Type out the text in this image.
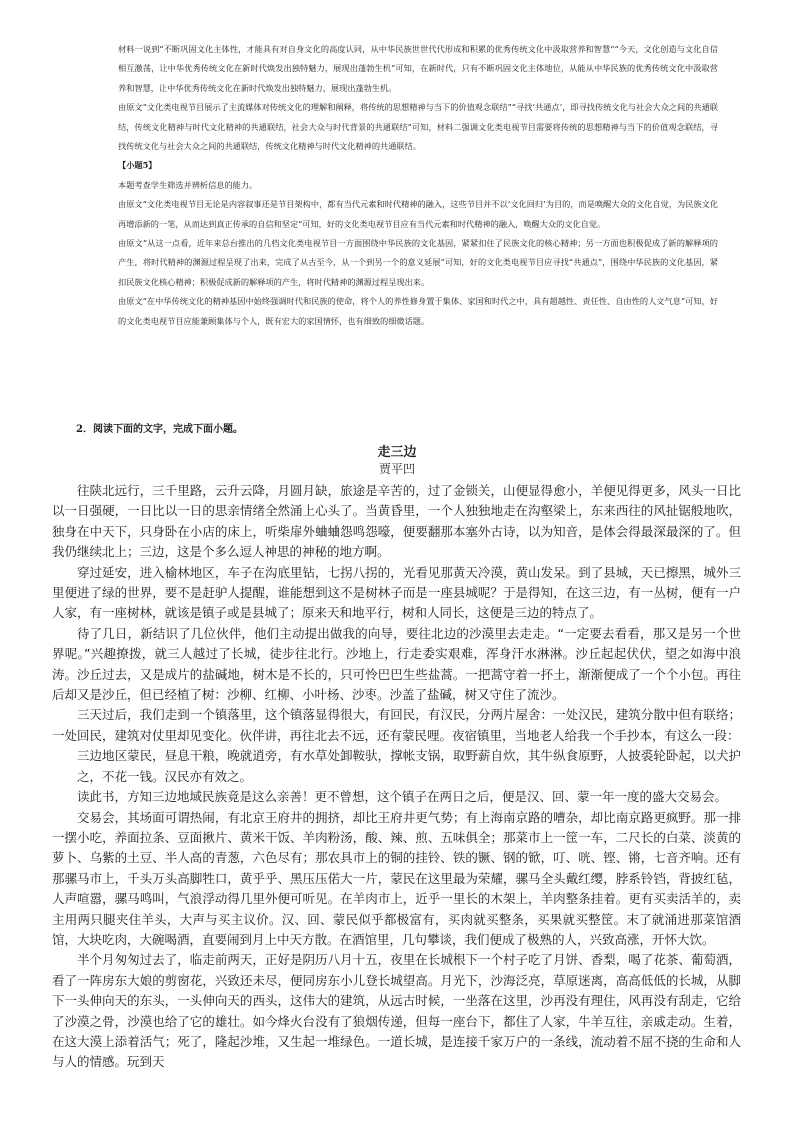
材料一说到“不断巩固文化主体性，才能具有对自身文化的高度认同，从中华民族世世代代形成和积累的优秀传统文化中汲取营养和智慧”“今天，文化创造与文化自信相互激荡，让中华优秀传统文化在新时代焕发出独特魅力，展现出蓬勃生机”可知，在新时代，只有不断巩固文化主体地位，从能从中华民族的优秀传统文化中汲取营养和智慧，让中华优秀传统文化在新时代焕发出独特魅力，展现出蓬勃生机。

由原文“文化类电视节目展示了主流媒体对传统文化的理解和阐释，将传统的思想精神与当下的价值观念联结”“寻找‘共通点’，即寻找传统文化与社会大众之间的共通联结，传统文化精神与时代文化精神的共通联结，社会大众与时代背景的共通联结”可知，材料二强调文化类电视节目需要将传统的思想精神与当下的价值观念联结，寻找传统文化与社会大众之间的共通联结，传统文化精神与时代文化精神的共通联结。

【小题5】

本题考查学生筛选并辨析信息的能力。

由原文“文化类电视节目无论是内容叙事还是节目架构中，都有当代元素和时代精神的融入，这些节目并不以‘文化回归’为目的，而是唤醒大众的文化自觉，为民族文化再增添新的一笔，从而达到真正传承的自信和坚定”可知，好的文化类电视节目应有当代元素和时代精神的融入，唤醒大众的文化自觉。

由原文“从这一点看，近年来总台推出的几档文化类电视节目一方面围绕中华民族的文化基因，紧紧扣住了民族文化的核心精神；另一方面也积极促成了新的解释项的产生，将时代精神的渊源过程呈现了出来，完成了从古至今，从一个到另一个的意义延展”可知，好的文化类电视节目应寻找“共通点”，围绕中华民族的文化基因，紧扣民族文化核心精神；积极促成新的解释项的产生，将时代精神的渊源过程呈现出来。

由原文“在中华传统文化的精神基因中始终强调时代和民族的使命，将个人的养性修身置于集体、家国和时代之中，具有超越性、责任性、自由性的人文气息”可知，好的文化类电视节目应能兼顾集体与个人，既有宏大的家国情怀，也有细致的细微话题。

2．阅读下面的文字，完成下面小题。
走三边
贾平凹

往陕北远行，三千里路，云升云降，月圆月缺，旅途是辛苦的，过了金锁关，山便显得愈小，羊便见得更多，风头一日比以一日强硬，一日比以一日的思亲情绪全然涌上心头了。当黄昏里，一个人独独地走在沟壑梁上，东来西往的风扯锯般地吹，独身在中天下，只身卧在小店的床上，听柴扉外蛐蛐怨鸣怨嚎，便要翻那本塞外古诗，以为知音，是体会得最深最深的了。但我仍继续北上；三边，这是个多么逗人神思的神秘的地方啊。

穿过延安，进入榆林地区，车子在沟底里钻，七拐八拐的，光看见那黄天冷漠，黄山发呆。到了县城，天已擦黑，城外三里便进了绿的世界，要不是赶驴人提醒，谁能想到这不是树林子而是一座县城呢？于是得知，在这三边，有一丛树，便有一户人家，有一座树林，就该是镇子或是县城了；原来天和地平行，树和人同长，这便是三边的特点了。

待了几日，新结识了几位伙伴，他们主动提出做我的向导，要往北边的沙漠里去走走。“一定要去看看，那又是另一个世界呢。”兴趣撩拨，就三人越过了长城，徒步往北行。沙地上，行走委实艰难，浑身汗水淋淋。沙丘起起伏伏，望之如海中浪涛。沙丘过去，又是成片的盐碱地，树木是不长的，只可怜巴巴生些盐蒿。一把蒿守着一抔土，渐渐便成了一个个小包。再往后却又是沙丘，但已经植了树：沙柳、红柳、小叶杨、沙枣。沙盖了盐碱，树又守住了流沙。

三天过后，我们走到一个镇落里，这个镇落显得很大，有回民，有汉民，分两片屋舍：一处汉民，建筑分散中但有联络；一处回民，建筑对仗里却见变化。伙伴讲，再往北去不远，还有蒙民哩。夜宿镇里，当地老人给我一个手抄本，有这么一段：

三边地区蒙民，昼息干粮，晚就逍旁，有水草处卸鞍驮，撑帐支锅，取野薪自炊，其牛纵食原野，人披裘轮卧起，以犬护之，不花一钱。汉民亦有效之。

读此书，方知三边地域民族竟是这么亲善！更不曾想，这个镇子在两日之后，便是汉、回、蒙一年一度的盛大交易会。

交易会，其场面可谓热闹，有北京王府井的拥挤，却比王府井更气势；有上海南京路的嘈杂，却比南京路更疯野。那一排一摆小吃，养面拉条、豆面揪片、黄米干饭、羊肉粉汤，酸、辣、煎、五味俱全；那菜市上一筐一车，二尺长的白菜、淡黄的萝卜、乌紫的土豆、半人高的青葱，六色尽有；那农具市上的铜的挂铃、铁的镢、钢的锨，叮、咣、铿、锵，七音齐响。还有那骡马市上，千头万头高脚牲口，黄乎乎、黑压压偌大一片，蒙民在这里最为荣耀，骡马全头戴红缨，脖系铃铛，背披红毡，人声喧嚣，骡马鸣叫，气浪浮动得几里外便可听见。在羊肉市上，近乎一里长的木架上，羊肉整条挂着。更有买卖活羊的，卖主用两只腿夹住羊头，大声与买主议价。汉、回、蒙民似乎都极富有，买肉就买整条，买果就买整筐。末了就涌进那菜馆酒馆，大块吃肉，大碗喝酒，直要闹到月上中天方散。在酒馆里，几句攀谈，我们便成了极熟的人，兴致高涨，开怀大饮。

半个月匆匆过去了，临走前两天，正好是阴历八月十五，夜里在长城根下一个村子吃了月饼、香梨，喝了花茶、葡萄酒，看了一阵房东大娘的剪窗花，兴致还未尽，便同房东小儿登长城望高。月光下，沙海泛亮，草原迷离，高高低低的长城，从脚下一头伸向天的东头，一头伸向天的西头，这伟大的建筑，从远古时候，一坐落在这里，沙再没有理住，风再没有刮走，它给了沙漠之骨，沙漠也给了它的雄壮。如今烽火台没有了狼烟传递，但每一座台下，都住了人家，牛羊互往，亲戚走动。生着，在这大漠上添着活气；死了，隆起沙堆，又生起一堆绿色。一道长城，是连接千家万户的一条线，流动着不屈不挠的生命和人与人的情感。玩到天
